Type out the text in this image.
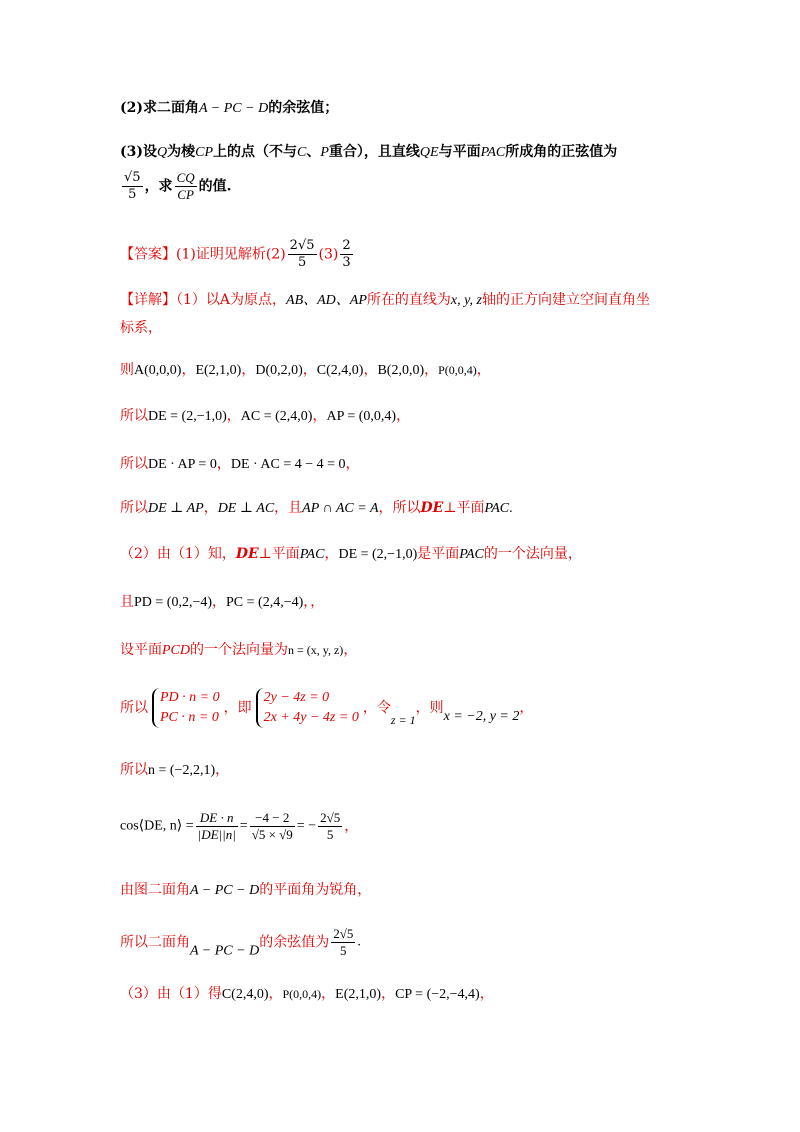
(2)求二面角A − PC − D的余弦值；
(3)设Q为棱CP上的点（不与C、P重合），且直线QE与平面PAC所成角的正弦值为
$\frac{√5}{5}$ ，求 $\frac{CQ}{CP}$ 的值.
【答案】(1)证明见解析$(2) \frac{2√5}{5} (3) \frac{2}{3}$
【详解】（1）以A为原点，AB、AD、AP所在的直线为x, y, z轴的正方向建立空间直角坐
标系，
则A(0,0,0)，E(2,1,0)，D(0,2,0)，C(2,4,0)，B(2,0,0)，P(0,0,4)，
所以DE = (2,−1,0)，AC = (2,4,0)，AP = (0,0,4)，
所以DE · AP = 0，DE · AC = 4 − 4 = 0，
所以DE ⊥ AP，DE ⊥ AC，且AP ∩ AC = A，所以DE⊥平面PAC.
（2）由（1）知，DE⊥平面PAC，DE = (2,−1,0)是平面PAC的一个法向量，
且PD = (0,2,−4)，PC = (2,4,−4)，，
设平面PCD的一个法向量为n = (x, y, z)，
所以
PD · n = 0
PC · n = 0
，即
2y − 4z = 0
2x + 4y − 4z = 0
，令z = 1，则x = −2, y = 2，
所以n = (−2,2,1)，
cos⟨DE, n⟩ = $\frac{DE \cdot n}{|DE||n|} = \frac{-4 - 2}{√5 \times √9}$ = − $\frac{2√5}{5}$ ，
由图二面角A − PC − D的平面角为锐角，
所以二面角A − PC − D的余弦值为 $\frac{2√5}{5}$ .
（3）由（1）得C(2,4,0)，P(0,0,4)，E(2,1,0)，CP = (−2,−4,4)，
